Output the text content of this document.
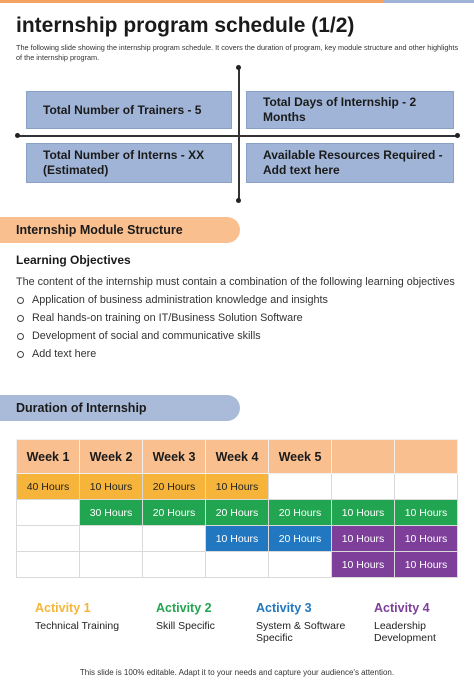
internship program schedule (1/2)
The following slide showing the internship program schedule. It covers the duration of program, key module structure and other highlights of the internship program.
Total Number of Trainers - 5
Total Days of Internship - 2 Months
Total Number of Interns - XX (Estimated)
Available Resources Required - Add text here
Internship Module Structure
Learning Objectives
The content of the internship must contain a combination of the following learning objectives
Application of business administration knowledge and insights
Real hands-on training on IT/Business Solution Software
Development of social and communicative skills
Add text here
Duration of Internship
Week 1	Week 2	Week 3	Week 4	Week 5		
40 Hours	10 Hours	20 Hours	10 Hours			
	30 Hours	20 Hours	20 Hours	20 Hours	10 Hours	10 Hours
			10 Hours	20 Hours	10 Hours	10 Hours
					10 Hours	10 Hours
Activity 1
Technical Training
Activity 2
Skill Specific
Activity 3
System & Software Specific
Activity 4
Leadership Development
This slide is 100% editable. Adapt it to your needs and capture your audience's attention.
